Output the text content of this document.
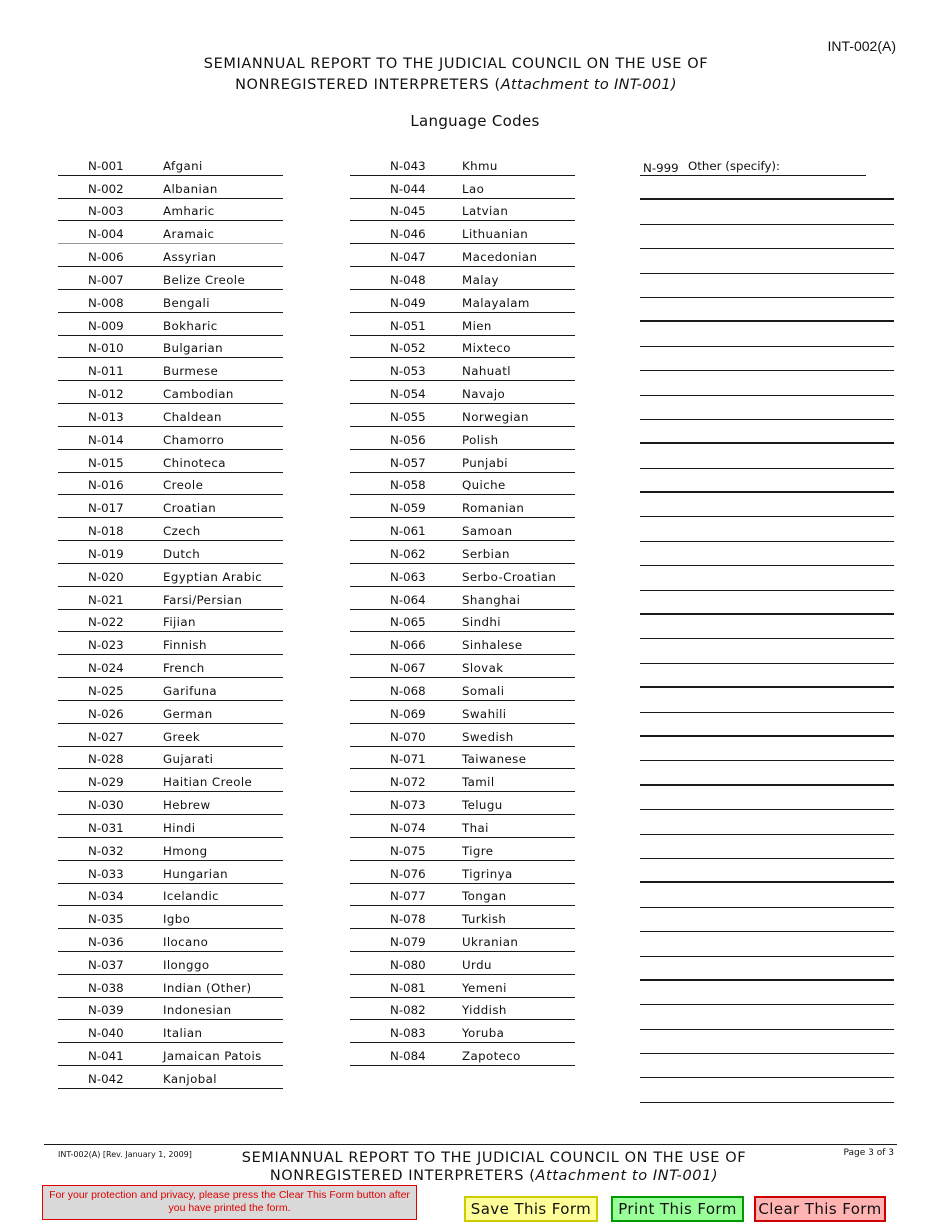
INT-002(A)
SEMIANNUAL REPORT TO THE JUDICIAL COUNCIL ON THE USE OF
NONREGISTERED INTERPRETERS (Attachment to INT-001)
Language Codes
N-001	Afgani
N-002	Albanian
N-003	Amharic
N-004	Aramaic
N-006	Assyrian
N-007	Belize Creole
N-008	Bengali
N-009	Bokharic
N-010	Bulgarian
N-011	Burmese
N-012	Cambodian
N-013	Chaldean
N-014	Chamorro
N-015	Chinoteca
N-016	Creole
N-017	Croatian
N-018	Czech
N-019	Dutch
N-020	Egyptian Arabic
N-021	Farsi/Persian
N-022	Fijian
N-023	Finnish
N-024	French
N-025	Garifuna
N-026	German
N-027	Greek
N-028	Gujarati
N-029	Haitian Creole
N-030	Hebrew
N-031	Hindi
N-032	Hmong
N-033	Hungarian
N-034	Icelandic
N-035	Igbo
N-036	Ilocano
N-037	Ilonggo
N-038	Indian (Other)
N-039	Indonesian
N-040	Italian
N-041	Jamaican Patois
N-042	Kanjobal
N-043	Khmu
N-044	Lao
N-045	Latvian
N-046	Lithuanian
N-047	Macedonian
N-048	Malay
N-049	Malayalam
N-051	Mien
N-052	Mixteco
N-053	Nahuatl
N-054	Navajo
N-055	Norwegian
N-056	Polish
N-057	Punjabi
N-058	Quiche
N-059	Romanian
N-061	Samoan
N-062	Serbian
N-063	Serbo-Croatian
N-064	Shanghai
N-065	Sindhi
N-066	Sinhalese
N-067	Slovak
N-068	Somali
N-069	Swahili
N-070	Swedish
N-071	Taiwanese
N-072	Tamil
N-073	Telugu
N-074	Thai
N-075	Tigre
N-076	Tigrinya
N-077	Tongan
N-078	Turkish
N-079	Ukranian
N-080	Urdu
N-081	Yemeni
N-082	Yiddish
N-083	Yoruba
N-084	Zapoteco
N-999 Other (specify):
INT-002(A) [Rev. January 1, 2009]	Page 3 of 3
SEMIANNUAL REPORT TO THE JUDICIAL COUNCIL ON THE USE OF
NONREGISTERED INTERPRETERS (Attachment to INT-001)
For your protection and privacy, please press the Clear This Form button after you have printed the form.	Save This Form	Print This Form	Clear This Form
